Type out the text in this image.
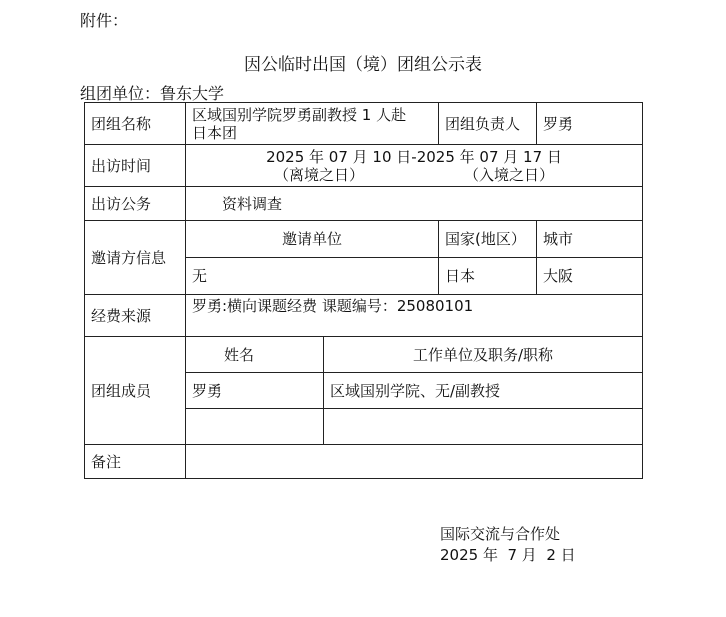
附件：
因公临时出国（境）团组公示表
组团单位：鲁东大学
团组名称	区域国别学院罗勇副教授 1 人赴
日本团		团组负责人	罗勇
出访时间	2025 年 07 月 10 日-2025 年 07 月 17 日
（离境之日） （入境之日）			

出访公务	资料调查			
邀请方信息	邀请单位		国家(地区）	城市
	无		日本	大阪
经费来源	罗勇:横向课题经费 课题编号：25080101			
团组成员	姓名	工作单位及职务/职称		
	罗勇	区域国别学院、无/副教授		

备注				
国际交流与合作处
2025 年  7 月  2 日
